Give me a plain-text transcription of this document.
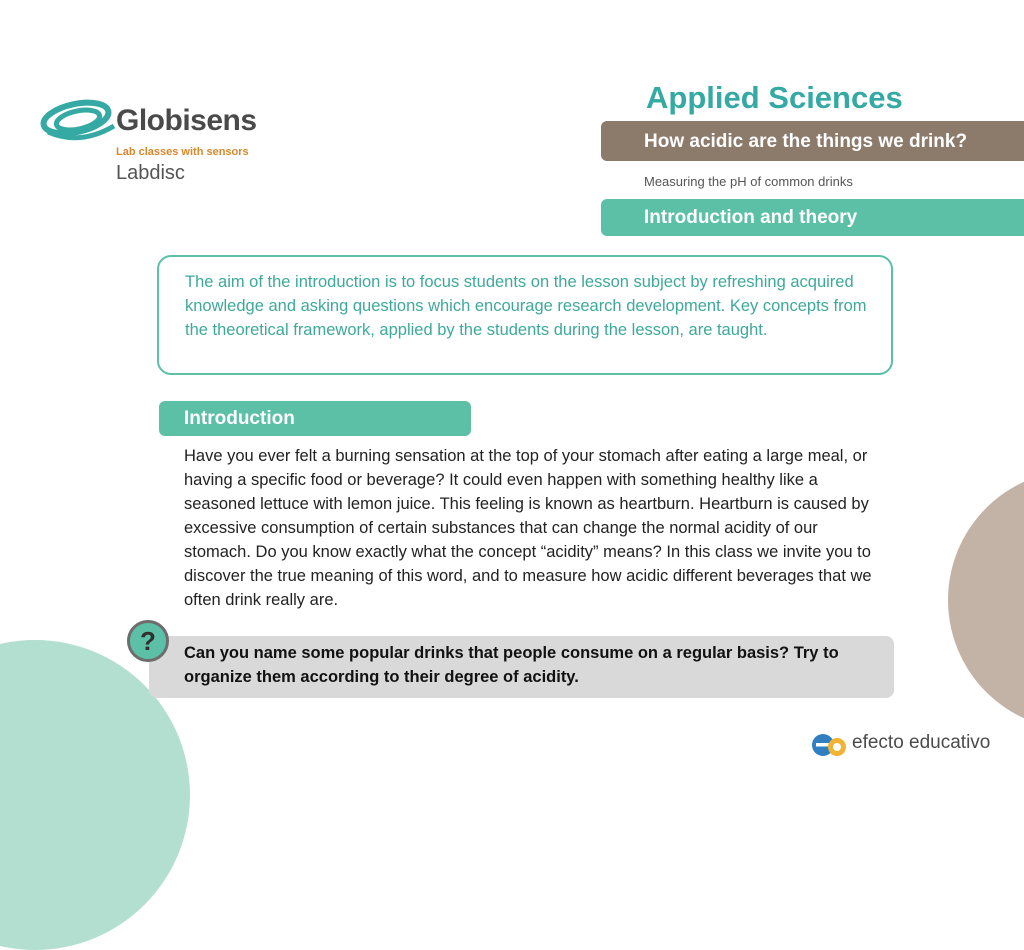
Globisens
Lab classes with sensors
Labdisc
Applied Sciences
How acidic are the things we drink?
Measuring the pH of common drinks
Introduction and theory
The aim of the introduction is to focus students on the lesson subject by refreshing acquired knowledge and asking questions which encourage research development. Key concepts from the theoretical framework, applied by the students during the lesson, are taught.
Introduction
Have you ever felt a burning sensation at the top of your stomach after eating a large meal, or having a specific food or beverage? It could even happen with something healthy like a seasoned lettuce with lemon juice. This feeling is known as heartburn. Heartburn is caused by excessive consumption of certain substances that can change the normal acidity of our stomach. Do you know exactly what the concept “acidity” means? In this class we invite you to discover the true meaning of this word, and to measure how acidic different beverages that we often drink really are.
Can you name some popular drinks that people consume on a regular basis? Try to organize them according to their degree of acidity.
?
efecto educativo
